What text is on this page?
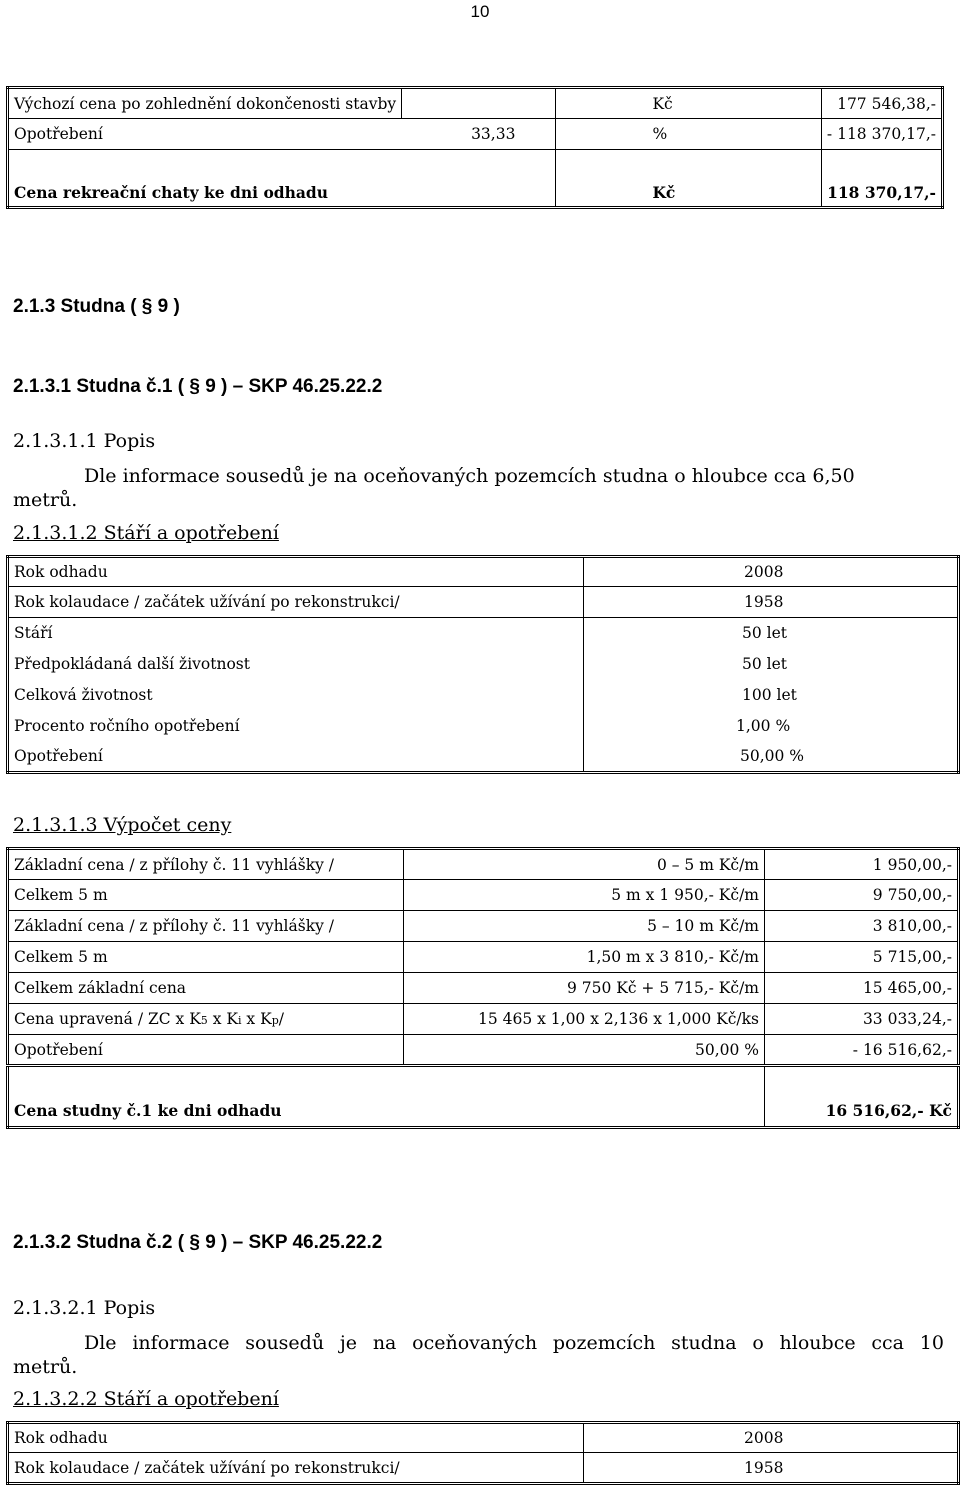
10
Výchozí cena po zohlednění dokončenosti stavby		Kč	177 546,38,-
Opotřebení	33,33	%	- 118 370,17,-
Cena rekreační chaty ke dni odhadu		Kč	118 370,17,-
2.1.3 Studna ( § 9 )
2.1.3.1 Studna č.1 ( § 9 ) – SKP 46.25.22.2
2.1.3.1.1 Popis
Dle informace sousedů je na oceňovaných pozemcích studna o hloubce cca 6,50
metrů.
2.1.3.1.2 Stáří a opotřebení
Rok odhadu	2008
Rok kolaudace / začátek užívání po rekonstrukci/	1958
Stáří	50 let
Předpokládaná další životnost	50 let
Celková životnost	100 let
Procento ročního opotřebení	1,00 %
Opotřebení	50,00 %
2.1.3.1.3 Výpočet ceny
Základní cena / z přílohy č. 11 vyhlášky /	0 – 5 m Kč/m	1 950,00,-
Celkem 5 m	5 m x 1 950,- Kč/m	9 750,00,-
Základní cena / z přílohy č. 11 vyhlášky /	5 – 10 m Kč/m	3 810,00,-
Celkem 5 m	1,50 m x 3 810,- Kč/m	5 715,00,-
Celkem základní cena	9 750 Kč + 5 715,- Kč/m	15 465,00,-
Cena upravená / ZC x K5 x Ki x Kp/	15 465 x 1,00 x 2,136 x 1,000 Kč/ks	33 033,24,-
Opotřebení	50,00 %	- 16 516,62,-
Cena studny č.1 ke dni odhadu		16 516,62,- Kč
2.1.3.2 Studna č.2 ( § 9 ) – SKP 46.25.22.2
2.1.3.2.1 Popis
Dle informace sousedů je na oceňovaných pozemcích studna o hloubce cca 10
metrů.
2.1.3.2.2 Stáří a opotřebení
Rok odhadu	2008
Rok kolaudace / začátek užívání po rekonstrukci/	1958
